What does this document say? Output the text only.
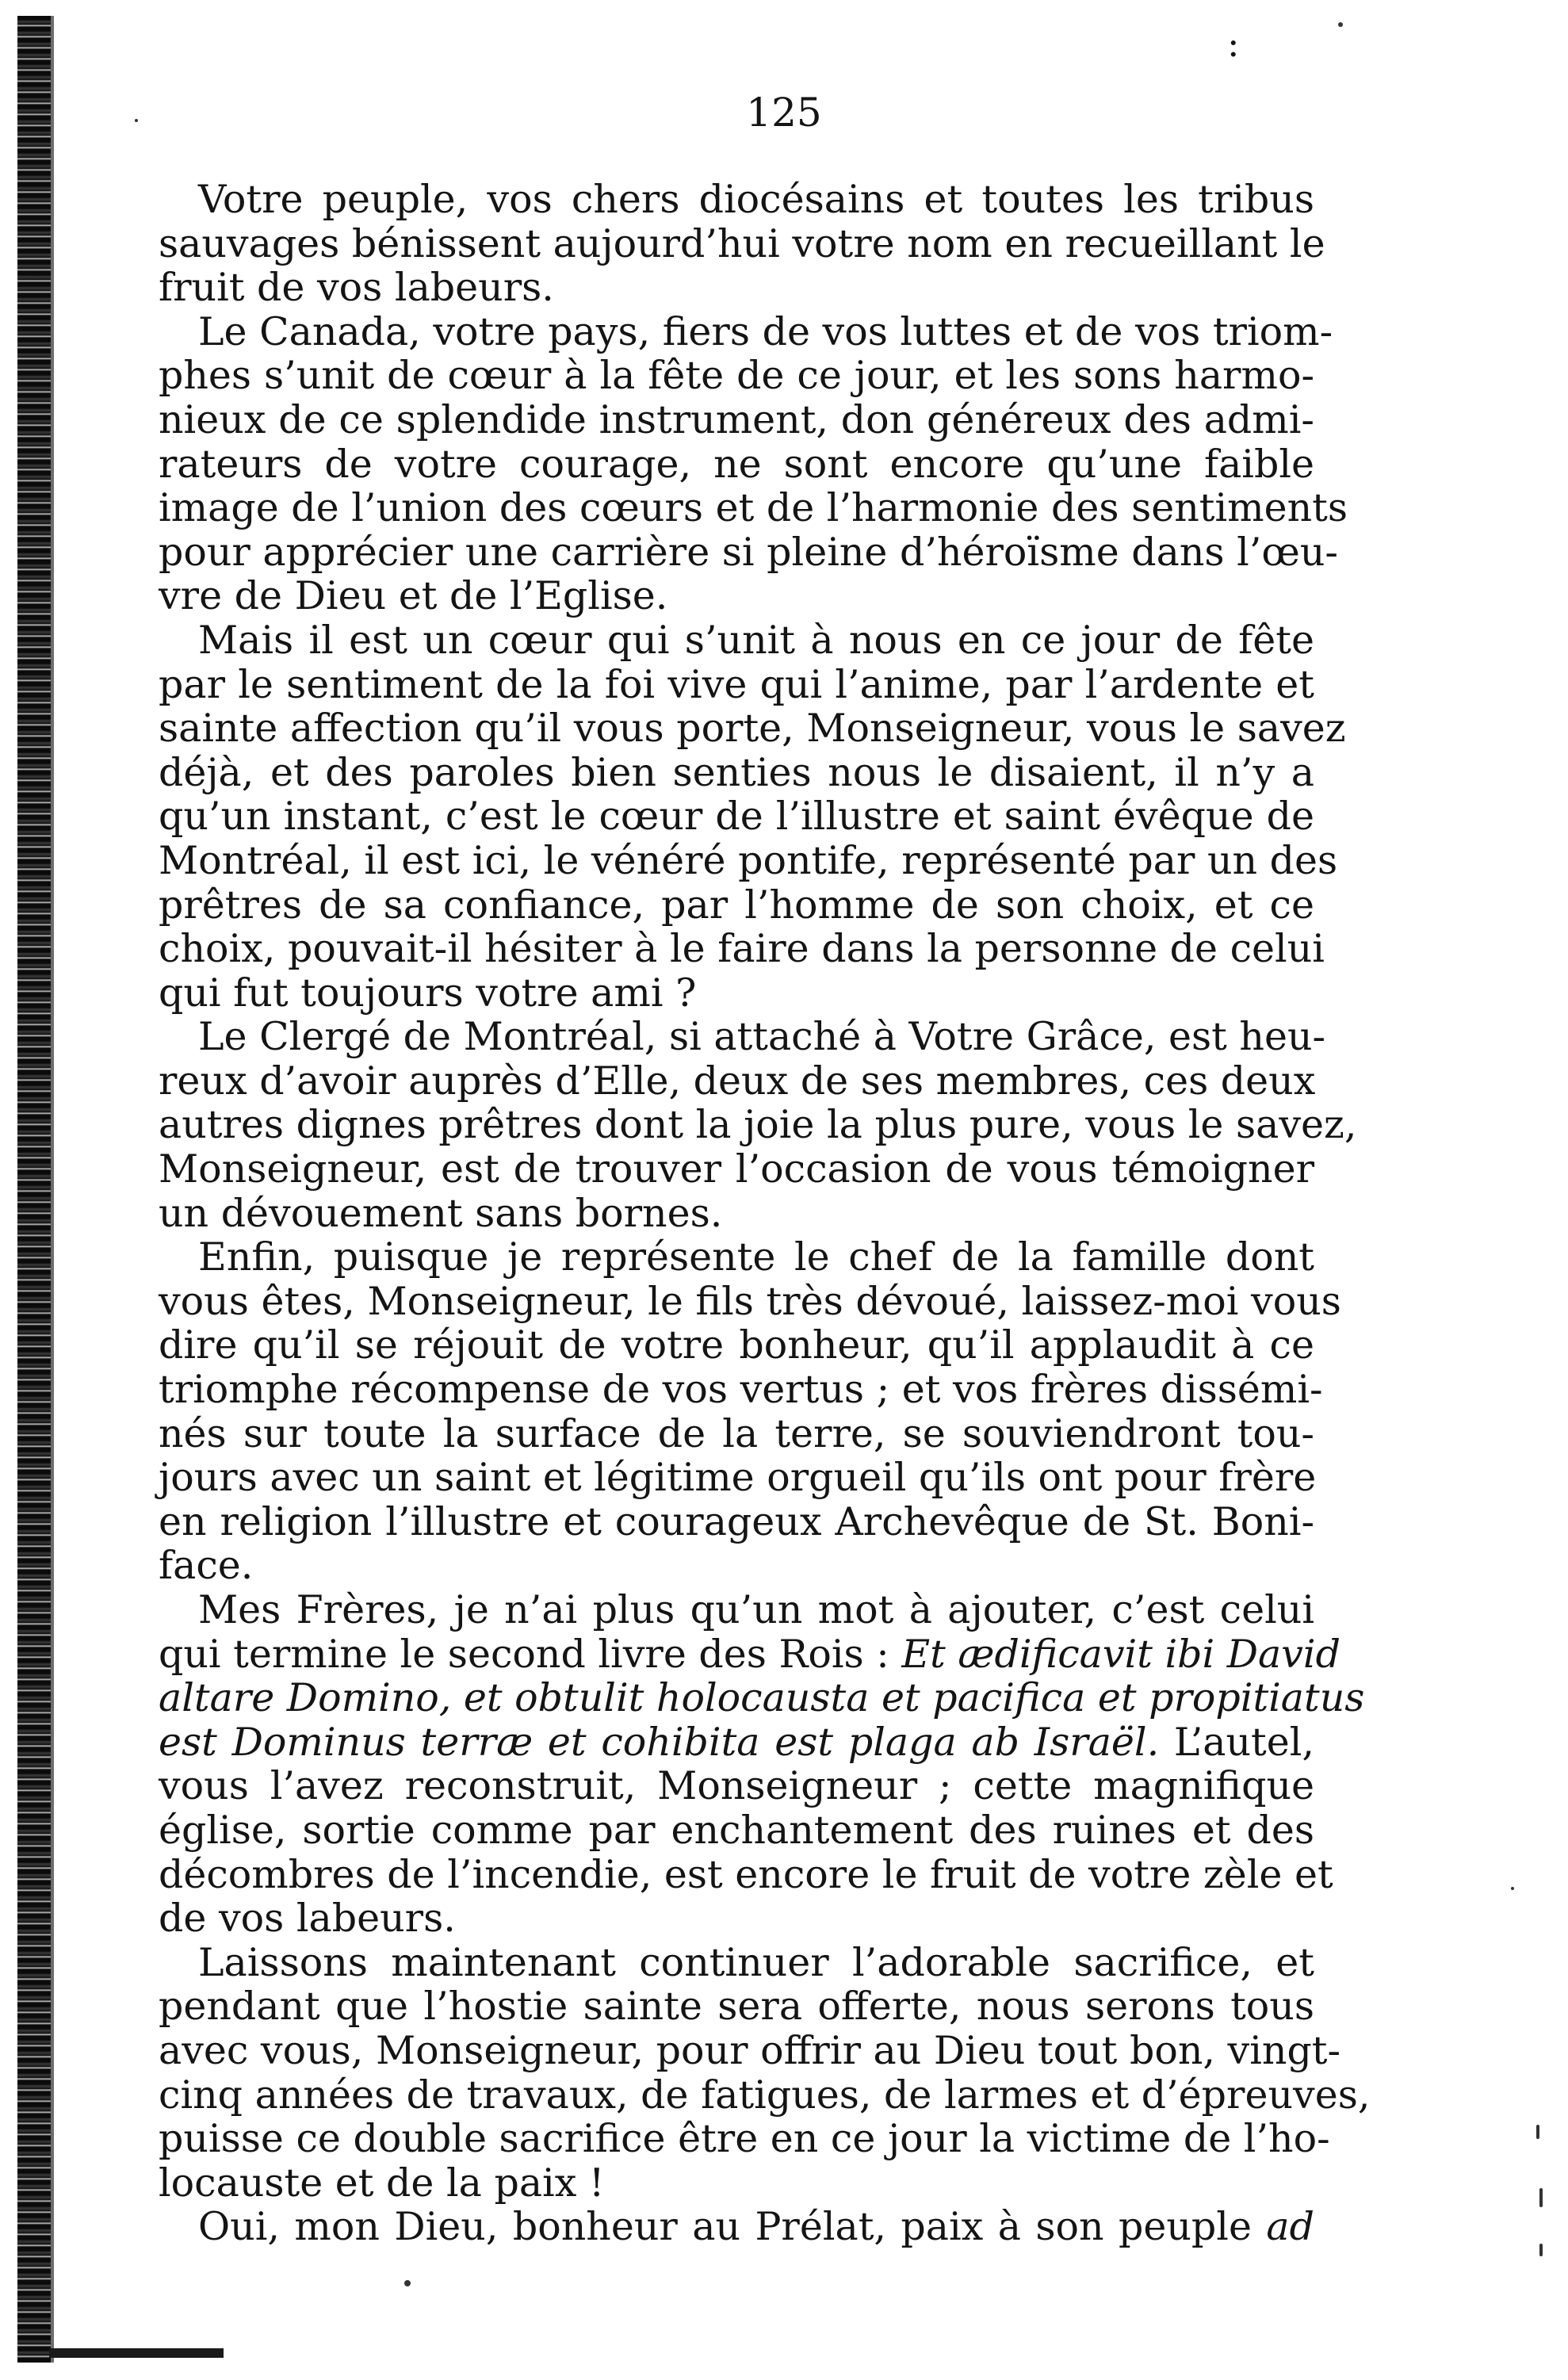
:
125
Votre peuple, vos chers diocésains et toutes les tribus
sauvages bénissent aujourd’hui votre nom en recueillant le
fruit de vos labeurs.
Le Canada, votre pays, fiers de vos luttes et de vos triom-
phes s’unit de cœur à la fête de ce jour, et les sons harmo-
nieux de ce splendide instrument, don généreux des admi-
rateurs de votre courage, ne sont encore qu’une faible
image de l’union des cœurs et de l’harmonie des sentiments
pour apprécier une carrière si pleine d’héroïsme dans l’œu-
vre de Dieu et de l’Eglise.
Mais il est un cœur qui s’unit à nous en ce jour de fête
par le sentiment de la foi vive qui l’anime, par l’ardente et
sainte affection qu’il vous porte, Monseigneur, vous le savez
déjà, et des paroles bien senties nous le disaient, il n’y a
qu’un instant, c’est le cœur de l’illustre et saint évêque de
Montréal, il est ici, le vénéré pontife, représenté par un des
prêtres de sa confiance, par l’homme de son choix, et ce
choix, pouvait-il hésiter à le faire dans la personne de celui
qui fut toujours votre ami ?
Le Clergé de Montréal, si attaché à Votre Grâce, est heu-
reux d’avoir auprès d’Elle, deux de ses membres, ces deux
autres dignes prêtres dont la joie la plus pure, vous le savez,
Monseigneur, est de trouver l’occasion de vous témoigner
un dévouement sans bornes.
Enfin, puisque je représente le chef de la famille dont
vous êtes, Monseigneur, le fils très dévoué, laissez-moi vous
dire qu’il se réjouit de votre bonheur, qu’il applaudit à ce
triomphe récompense de vos vertus ; et vos frères dissémi-
nés sur toute la surface de la terre, se souviendront tou-
jours avec un saint et légitime orgueil qu’ils ont pour frère
en religion l’illustre et courageux Archevêque de St. Boni-
face.
Mes Frères, je n’ai plus qu’un mot à ajouter, c’est celui
qui termine le second livre des Rois : Et ædificavit ibi David
altare Domino, et obtulit holocausta et pacifica et propitiatus
est Dominus terræ et cohibita est plaga ab Israël. L’autel,
vous l’avez reconstruit, Monseigneur ; cette magnifique
église, sortie comme par enchantement des ruines et des
décombres de l’incendie, est encore le fruit de votre zèle et
de vos labeurs.
Laissons maintenant continuer l’adorable sacrifice, et
pendant que l’hostie sainte sera offerte, nous serons tous
avec vous, Monseigneur, pour offrir au Dieu tout bon, vingt-
cinq années de travaux, de fatigues, de larmes et d’épreuves,
puisse ce double sacrifice être en ce jour la victime de l’ho-
locauste et de la paix !
Oui, mon Dieu, bonheur au Prélat, paix à son peuple ad
